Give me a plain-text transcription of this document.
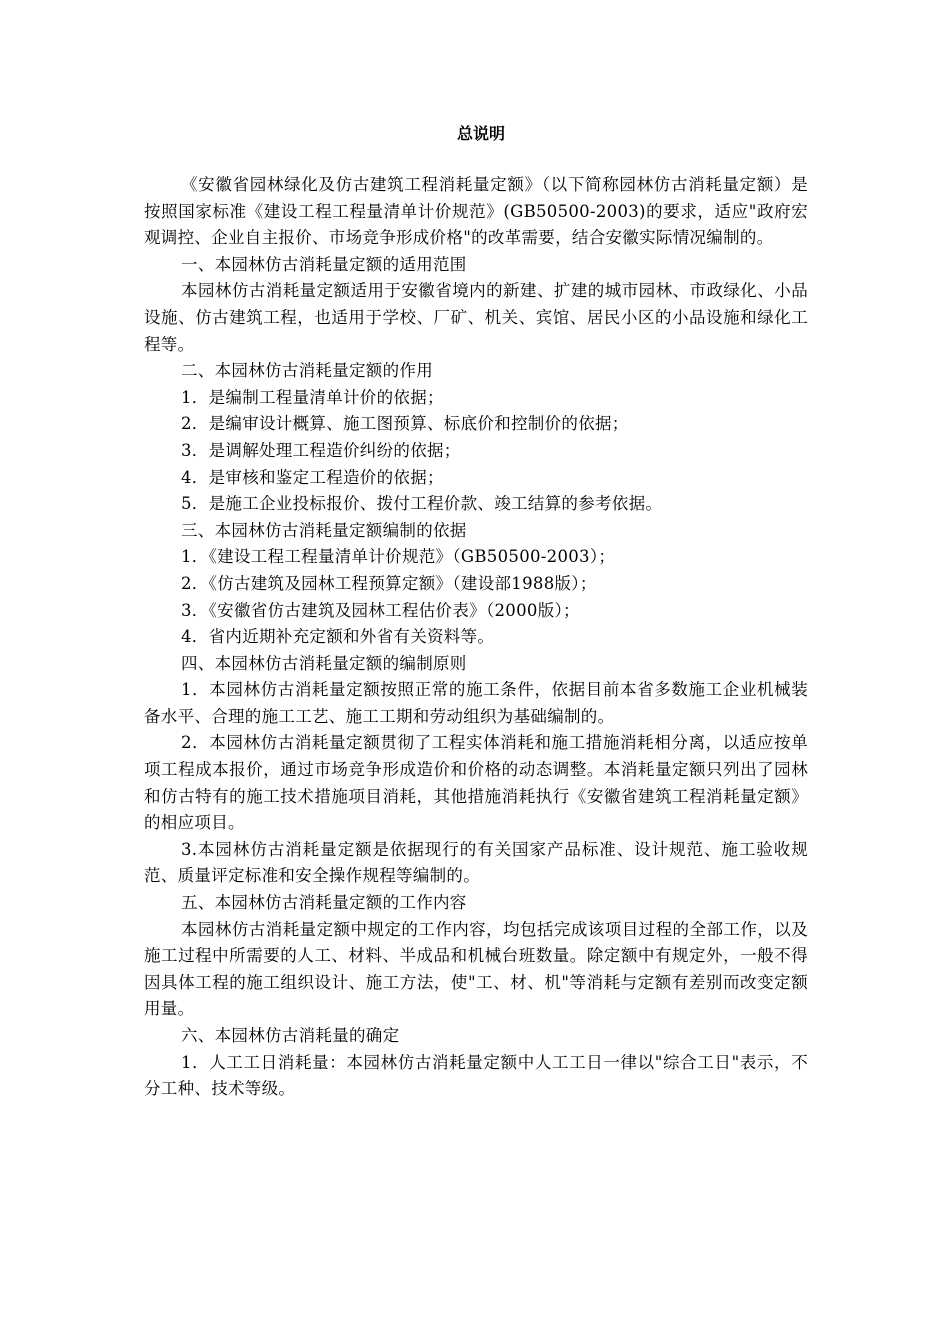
总说明

《安徽省园林绿化及仿古建筑工程消耗量定额》（以下简称园林仿古消耗量定额）是按照国家标准《建设工程工程量清单计价规范》(GB50500-2003)的要求，适应"政府宏观调控、企业自主报价、市场竞争形成价格"的改革需要，结合安徽实际情况编制的。

一、本园林仿古消耗量定额的适用范围

本园林仿古消耗量定额适用于安徽省境内的新建、扩建的城市园林、市政绿化、小品设施、仿古建筑工程，也适用于学校、厂矿、机关、宾馆、居民小区的小品设施和绿化工程等。

二、本园林仿古消耗量定额的作用

1．是编制工程量清单计价的依据；

2．是编审设计概算、施工图预算、标底价和控制价的依据；

3．是调解处理工程造价纠纷的依据；

4．是审核和鉴定工程造价的依据；

5．是施工企业投标报价、拨付工程价款、竣工结算的参考依据。

三、本园林仿古消耗量定额编制的依据

1．《建设工程工程量清单计价规范》（GB50500-2003）；

2．《仿古建筑及园林工程预算定额》（建设部1988版）；

3．《安徽省仿古建筑及园林工程估价表》（2000版）；

4．省内近期补充定额和外省有关资料等。

四、本园林仿古消耗量定额的编制原则

1．本园林仿古消耗量定额按照正常的施工条件，依据目前本省多数施工企业机械装备水平、合理的施工工艺、施工工期和劳动组织为基础编制的。

2．本园林仿古消耗量定额贯彻了工程实体消耗和施工措施消耗相分离，以适应按单项工程成本报价，通过市场竞争形成造价和价格的动态调整。本消耗量定额只列出了园林和仿古特有的施工技术措施项目消耗，其他措施消耗执行《安徽省建筑工程消耗量定额》的相应项目。

3.本园林仿古消耗量定额是依据现行的有关国家产品标准、设计规范、施工验收规范、质量评定标准和安全操作规程等编制的。

五、本园林仿古消耗量定额的工作内容

本园林仿古消耗量定额中规定的工作内容，均包括完成该项目过程的全部工作，以及施工过程中所需要的人工、材料、半成品和机械台班数量。除定额中有规定外，一般不得因具体工程的施工组织设计、施工方法，使"工、材、机"等消耗与定额有差别而改变定额用量。

六、本园林仿古消耗量的确定

1．人工工日消耗量：本园林仿古消耗量定额中人工工日一律以"综合工日"表示，不分工种、技术等级。
